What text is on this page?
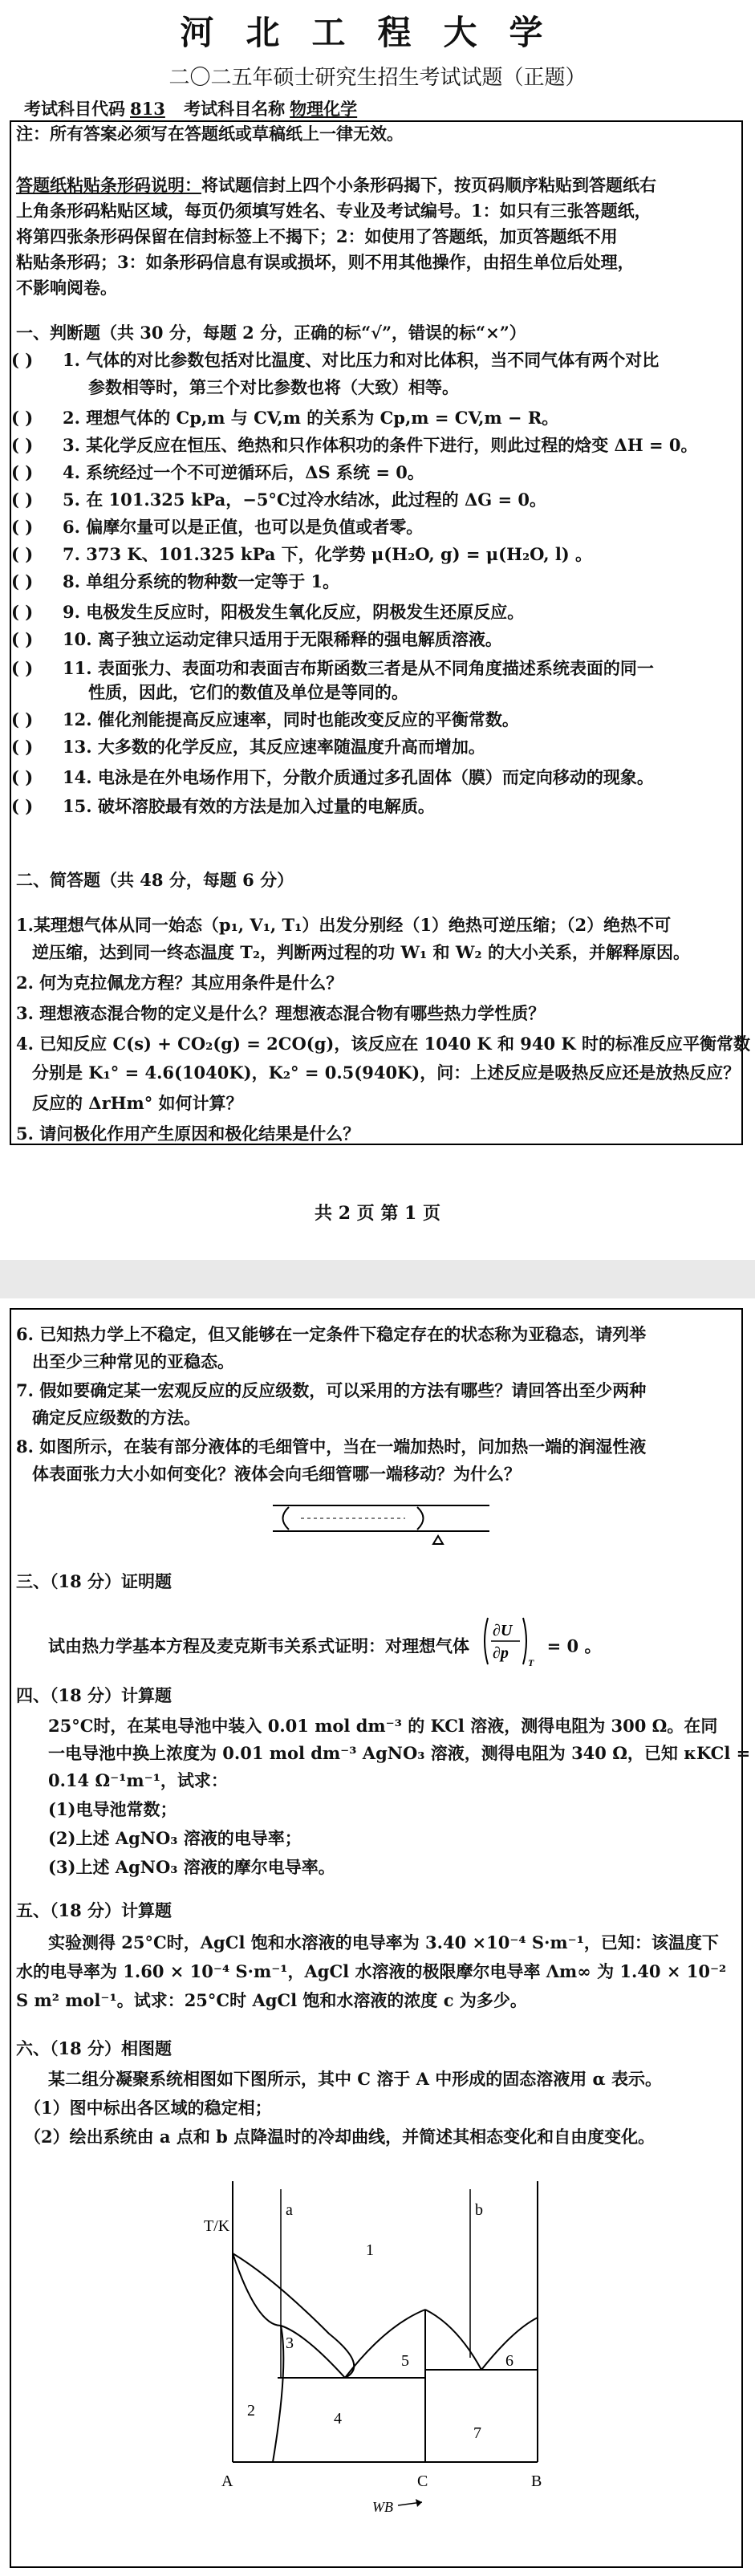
河北工程大学
二〇二五年硕士研究生招生考试试题（正题）
考试科目代码 813 考试科目名称 物理化学
注：所有答案必须写在答题纸或草稿纸上一律无效。
答题纸粘贴条形码说明：将试题信封上四个小条形码揭下，按页码顺序粘贴到答题纸右
上角条形码粘贴区域，每页仍须填写姓名、专业及考试编号。1：如只有三张答题纸，
将第四张条形码保留在信封标签上不揭下；2：如使用了答题纸，加页答题纸不用
粘贴条形码；3：如条形码信息有误或损坏，则不用其他操作，由招生单位后处理，
不影响阅卷。
一、判断题（共 30 分，每题 2 分，正确的标“√”，错误的标“×”）
( ) 1. 气体的对比参数包括对比温度、对比压力和对比体积，当不同气体有两个对比
参数相等时，第三个对比参数也将（大致）相等。
( ) 2. 理想气体的 Cp,m 与 CV,m 的关系为 Cp,m = CV,m − R。
( ) 3. 某化学反应在恒压、绝热和只作体积功的条件下进行，则此过程的焓变 ΔH = 0。
( ) 4. 系统经过一个不可逆循环后，ΔS 系统 = 0。
( ) 5. 在 101.325 kPa，−5°C过冷水结冰，此过程的 ΔG = 0。
( ) 6. 偏摩尔量可以是正值，也可以是负值或者零。
( ) 7. 373 K、101.325 kPa 下，化学势 μ(H₂O, g) = μ(H₂O, l) 。
( ) 8. 单组分系统的物种数一定等于 1。
( ) 9. 电极发生反应时，阳极发生氧化反应，阴极发生还原反应。
( ) 10. 离子独立运动定律只适用于无限稀释的强电解质溶液。
( ) 11. 表面张力、表面功和表面吉布斯函数三者是从不同角度描述系统表面的同一
性质，因此，它们的数值及单位是等同的。
( ) 12. 催化剂能提高反应速率，同时也能改变反应的平衡常数。
( ) 13. 大多数的化学反应，其反应速率随温度升高而增加。
( ) 14. 电泳是在外电场作用下，分散介质通过多孔固体（膜）而定向移动的现象。
( ) 15. 破坏溶胶最有效的方法是加入过量的电解质。
二、简答题（共 48 分，每题 6 分）
1.某理想气体从同一始态（p₁, V₁, T₁）出发分别经（1）绝热可逆压缩；（2）绝热不可
逆压缩，达到同一终态温度 T₂，判断两过程的功 W₁ 和 W₂ 的大小关系，并解释原因。
2. 何为克拉佩龙方程？其应用条件是什么？
3. 理想液态混合物的定义是什么？理想液态混合物有哪些热力学性质？
4. 已知反应 C(s) + CO₂(g) = 2CO(g)，该反应在 1040 K 和 940 K 时的标准反应平衡常数
分别是 K₁° = 4.6(1040K)，K₂° = 0.5(940K)，问：上述反应是吸热反应还是放热反应？
反应的 ΔrHm° 如何计算？
5. 请问极化作用产生原因和极化结果是什么？
共 2 页 第 1 页
6. 已知热力学上不稳定，但又能够在一定条件下稳定存在的状态称为亚稳态，请列举
出至少三种常见的亚稳态。
7. 假如要确定某一宏观反应的反应级数，可以采用的方法有哪些？请回答出至少两种
确定反应级数的方法。
8. 如图所示，在装有部分液体的毛细管中，当在一端加热时，问加热一端的润湿性液
体表面张力大小如何变化？液体会向毛细管哪一端移动？为什么？
三、（18 分）证明题
试由热力学基本方程及麦克斯韦关系式证明：对理想气体
∂U
∂p
T
= 0 。
四、（18 分）计算题
25°C时，在某电导池中装入 0.01 mol dm⁻³ 的 KCl 溶液，测得电阻为 300 Ω。在同
一电导池中换上浓度为 0.01 mol dm⁻³ AgNO₃ 溶液，测得电阻为 340 Ω，已知 κKCl =
0.14 Ω⁻¹m⁻¹，试求：
(1)电导池常数；
(2)上述 AgNO₃ 溶液的电导率；
(3)上述 AgNO₃ 溶液的摩尔电导率。
五、（18 分）计算题
实验测得 25°C时，AgCl 饱和水溶液的电导率为 3.40 ×10⁻⁴ S·m⁻¹，已知：该温度下
水的电导率为 1.60 × 10⁻⁴ S·m⁻¹，AgCl 水溶液的极限摩尔电导率 Λm∞ 为 1.40 × 10⁻²
S m² mol⁻¹。试求：25°C时 AgCl 饱和水溶液的浓度 c 为多少。
六、（18 分）相图题
某二组分凝聚系统相图如下图所示，其中 C 溶于 A 中形成的固态溶液用 α 表示。
（1）图中标出各区域的稳定相；
（2）绘出系统由 a 点和 b 点降温时的冷却曲线，并简述其相态变化和自由度变化。
T/K
a	b
1
2
3
4
5	6
7
A	C	B
WB
